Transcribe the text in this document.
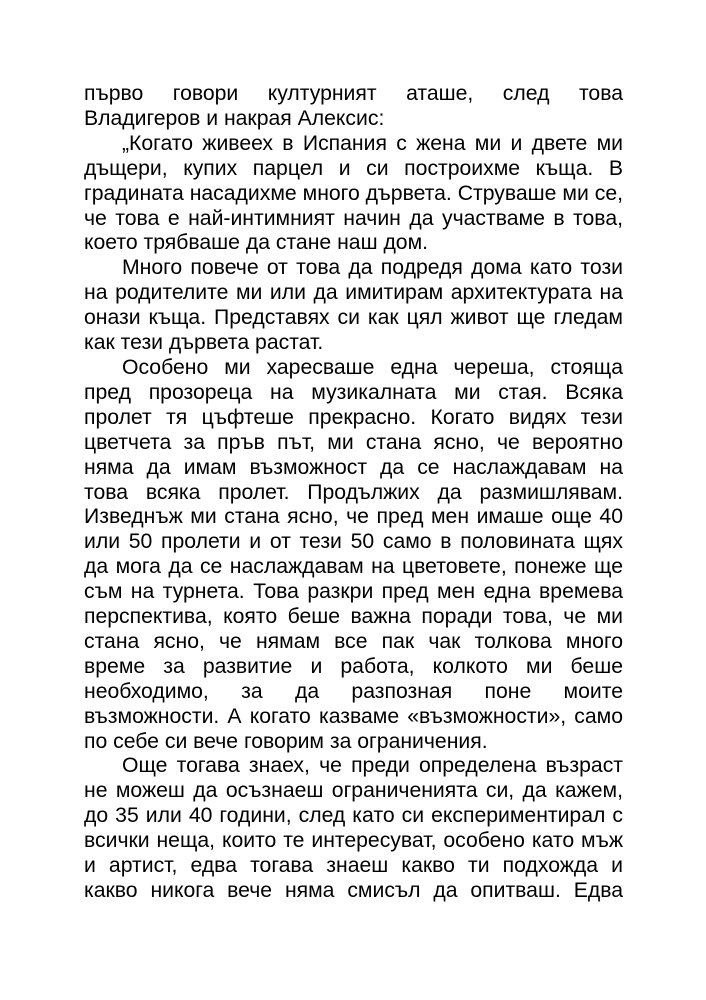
първо говори културният аташе, след това Владигеров и накрая Алексис:

„Когато живеех в Испания с жена ми и двете ми дъщери, купих парцел и си построихме къща. В градината насадихме много дървета. Струваше ми се, че това е най-интимният начин да участваме в това, което трябваше да стане наш дом.

Много повече от това да подредя дома като този на родителите ми или да имитирам архитектурата на онази къща. Представях си как цял живот ще гледам как тези дървета растат.

Особено ми харесваше една череша, стояща пред прозореца на музикалната ми стая. Всяка пролет тя цъфтеше прекрасно. Когато видях тези цветчета за пръв път, ми стана ясно, че вероятно няма да имам възможност да се наслаждавам на това всяка пролет. Продължих да размишлявам. Изведнъж ми стана ясно, че пред мен имаше още 40 или 50 пролети и от тези 50 само в половината щях да мога да се наслаждавам на цветовете, понеже ще съм на турнета. Това разкри пред мен една времева перспектива, която беше важна поради това, че ми стана ясно, че нямам все пак чак толкова много време за развитие и работа, колкото ми беше необходимо, за да разпозная поне моите възможности. А когато казваме «възможности», само по себе си вече говорим за ограничения.

Още тогава знаех, че преди определена възраст не можеш да осъзнаеш ограниченията си, да кажем, до 35 или 40 години, след като си експериментирал с всички неща, които те интересуват, особено като мъж и артист, едва тогава знаеш какво ти подхожда и какво никога вече няма смисъл да опитваш. Едва
